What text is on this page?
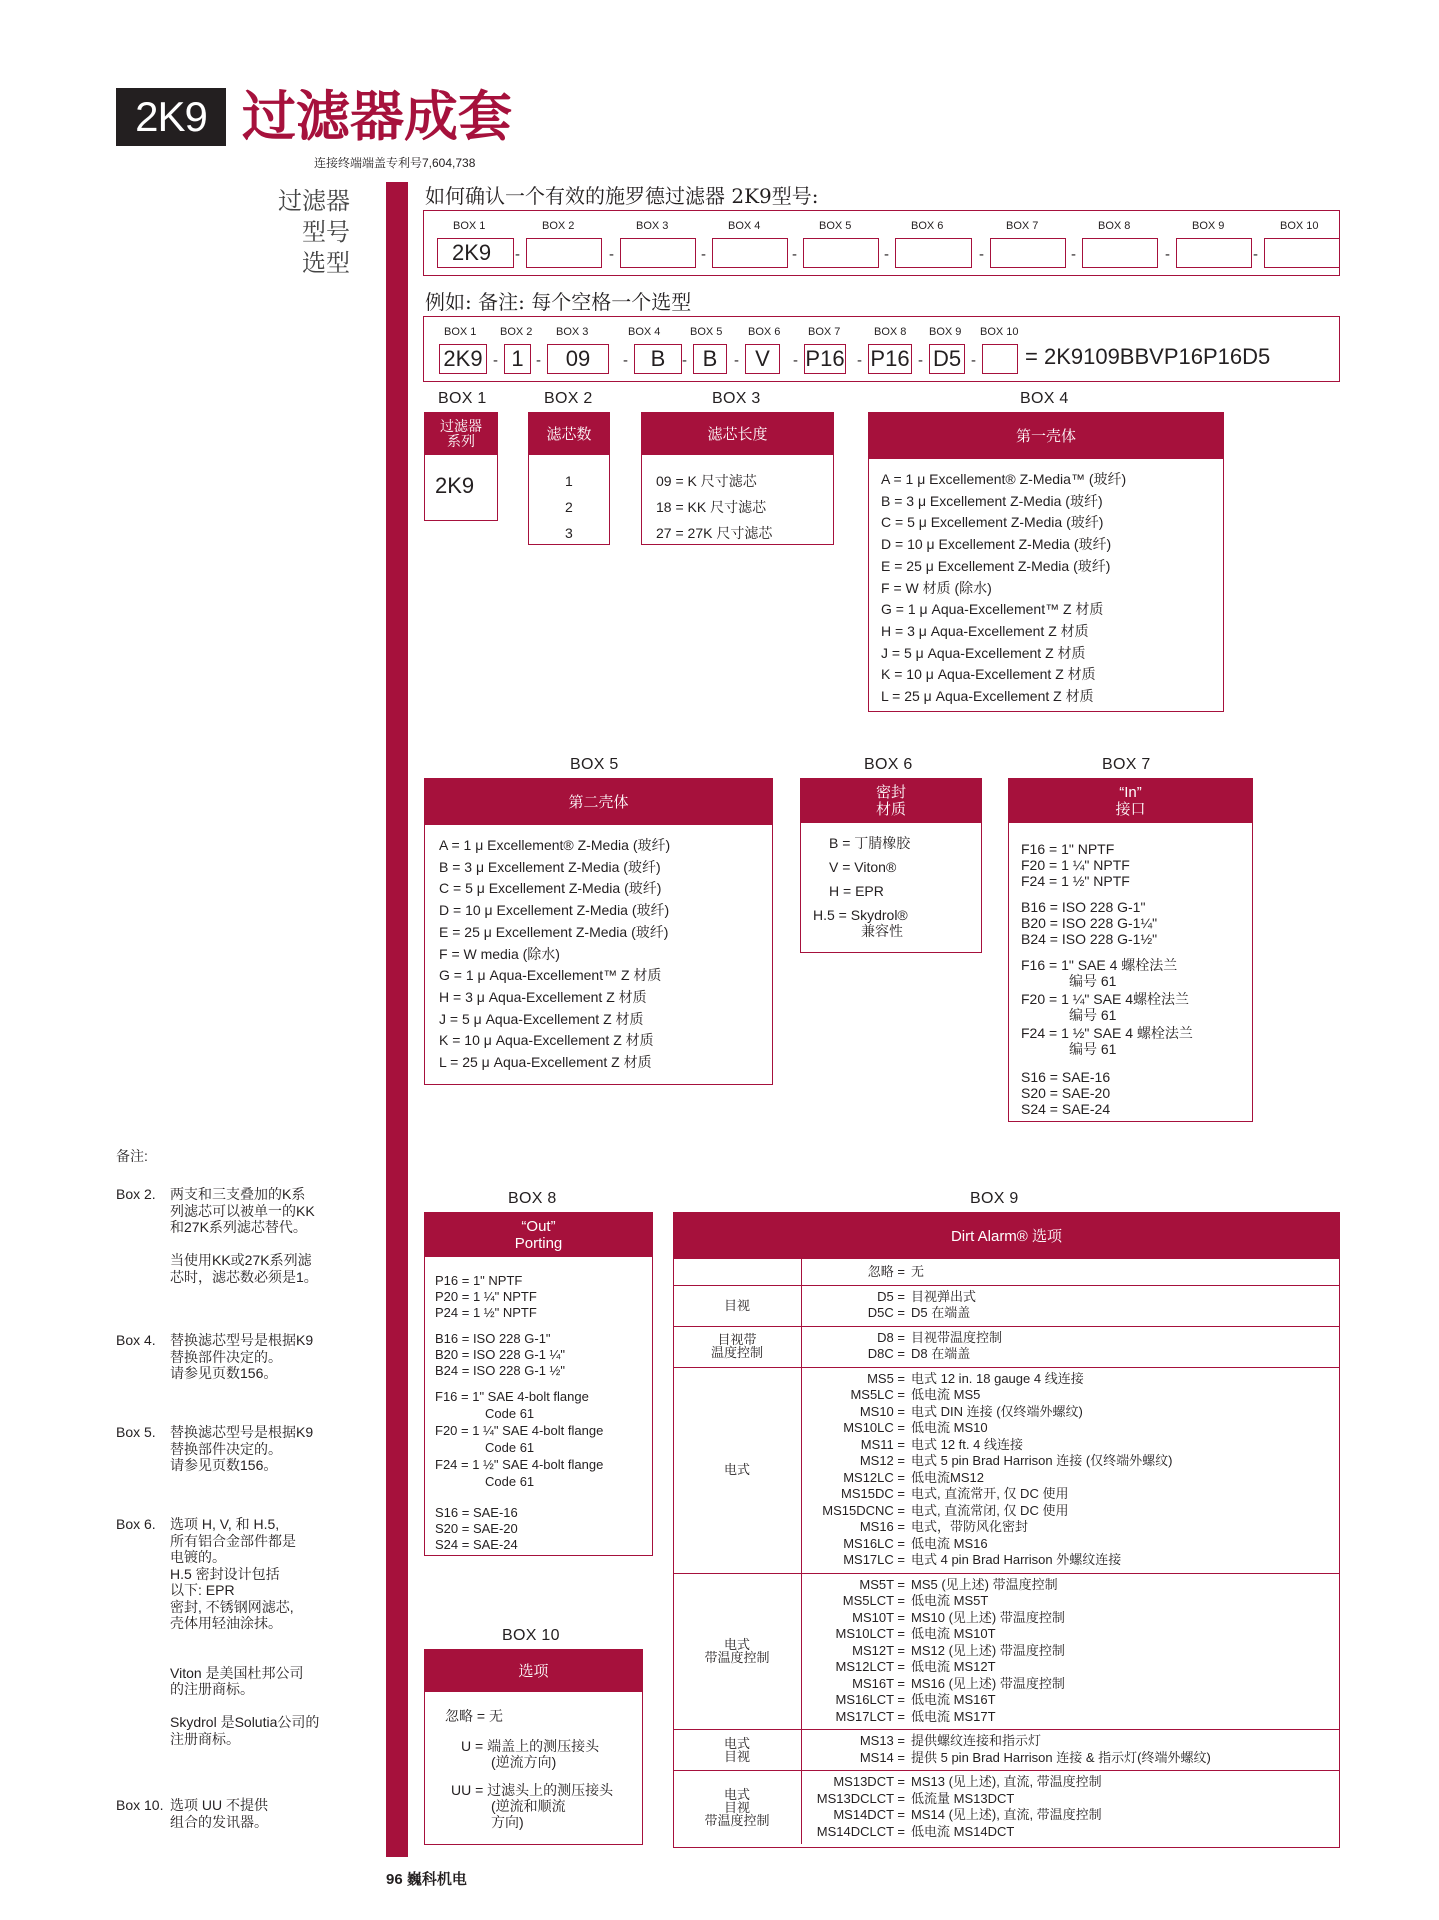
2K9 过滤器成套
连接终端端盖专利号7,604,738
过滤器
型号
选型
如何确认一个有效的施罗德过滤器 2K9型号:
BOX 1
2K9
BOX 2
-
BOX 3
-
BOX 4
-
BOX 5
-
BOX 6
-
BOX 7
-
BOX 8
-
BOX 9
-
BOX 10
-
例如: 备注: 每个空格一个选型
BOX 1
2K9
BOX 2
1
-
BOX 3
09
-
BOX 4
B
-
BOX 5
B
-
BOX 6
V
-
BOX 7
P16
-
BOX 8
P16
-
BOX 9
D5
-
BOX 10
- = 2K9109BBVP16P16D5
BOX 1
过滤器
系列
2K9
BOX 2
滤芯数
1
2
3
BOX 3
滤芯长度
09 = K 尺寸滤芯
18 = KK 尺寸滤芯
27 = 27K 尺寸滤芯
BOX 4
第一壳体
A = 1 μ Excellement® Z-Media™ (玻纤)
B = 3 μ Excellement Z-Media (玻纤)
C = 5 μ Excellement Z-Media (玻纤)
D = 10 μ Excellement Z-Media (玻纤)
E = 25 μ Excellement Z-Media (玻纤)
F = W 材质 (除水)
G = 1 μ Aqua-Excellement™ Z 材质
H = 3 μ Aqua-Excellement Z 材质
J = 5 μ Aqua-Excellement Z 材质
K = 10 μ Aqua-Excellement Z 材质
L = 25 μ Aqua-Excellement Z 材质
BOX 5
第二壳体
A = 1 μ Excellement® Z-Media (玻纤)
B = 3 μ Excellement Z-Media (玻纤)
C = 5 μ Excellement Z-Media (玻纤)
D = 10 μ Excellement Z-Media (玻纤)
E = 25 μ Excellement Z-Media (玻纤)
F = W media (除水)
G = 1 μ Aqua-Excellement™ Z 材质
H = 3 μ Aqua-Excellement Z 材质
J = 5 μ Aqua-Excellement Z 材质
K = 10 μ Aqua-Excellement Z 材质
L = 25 μ Aqua-Excellement Z 材质
BOX 6
密封
材质
B = 丁腈橡胶
V = Viton®
H = EPR
H.5 = Skydrol®
兼容性
BOX 7
“In”
接口
F16 = 1" NPTF
F20 = 1 ¼" NPTF
F24 = 1 ½" NPTF
B16 = ISO 228 G-1"
B20 = ISO 228 G-1¼"
B24 = ISO 228 G-1½"
F16 = 1" SAE 4 螺栓法兰
编号 61
F20 = 1 ¼" SAE 4螺栓法兰
编号 61
F24 = 1 ½" SAE 4 螺栓法兰
编号 61
S16 = SAE-16
S20 = SAE-20
S24 = SAE-24
备注:
Box 2. 两支和三支叠加的K系
列滤芯可以被单一的KK
和27K系列滤芯替代。
当使用KK或27K系列滤
芯时，滤芯数必须是1。
Box 4. 替换滤芯型号是根据K9
替换部件决定的。
请参见页数156。
Box 5. 替换滤芯型号是根据K9
替换部件决定的。
请参见页数156。
Box 6. 选项 H, V, 和 H.5,
所有铝合金部件都是
电镀的。
H.5 密封设计包括
以下: EPR
密封, 不锈钢网滤芯,
壳体用轻油涂抹。
Viton 是美国杜邦公司
的注册商标。
Skydrol 是Solutia公司的
注册商标。
Box 10. 选项 UU 不提供
组合的发讯器。
BOX 8
“Out”
Porting
P16 = 1" NPTF
P20 = 1 ¼" NPTF
P24 = 1 ½" NPTF
B16 = ISO 228 G-1"
B20 = ISO 228 G-1 ¼"
B24 = ISO 228 G-1 ½"
F16 = 1" SAE 4-bolt flange
Code 61
F20 = 1 ¼" SAE 4-bolt flange
Code 61
F24 = 1 ½" SAE 4-bolt flange
Code 61
S16 = SAE-16
S20 = SAE-20
S24 = SAE-24
BOX 9
Dirt Alarm® 选项
忽略 = 无
目视
D5 = 目视弹出式
D5C = D5 在端盖
目视带
温度控制
D8 = 目视带温度控制
D8C = D8 在端盖
电式
MS5 = 电式 12 in. 18 gauge 4 线连接
MS5LC = 低电流 MS5
MS10 = 电式 DIN 连接 (仅终端外螺纹)
MS10LC = 低电流 MS10
MS11 = 电式 12 ft. 4 线连接
MS12 = 电式 5 pin Brad Harrison 连接 (仅终端外螺纹)
MS12LC = 低电流MS12
MS15DC = 电式, 直流常开, 仅 DC 使用
MS15DCNC = 电式, 直流常闭, 仅 DC 使用
MS16 = 电式，带防风化密封
MS16LC = 低电流 MS16
MS17LC = 电式 4 pin Brad Harrison 外螺纹连接
电式
带温度控制
MS5T = MS5 (见上述) 带温度控制
MS5LCT = 低电流 MS5T
MS10T = MS10 (见上述) 带温度控制
MS10LCT = 低电流 MS10T
MS12T = MS12 (见上述) 带温度控制
MS12LCT = 低电流 MS12T
MS16T = MS16 (见上述) 带温度控制
MS16LCT = 低电流 MS16T
MS17LCT = 低电流 MS17T
电式
目视
MS13 = 提供螺纹连接和指示灯
MS14 = 提供 5 pin Brad Harrison 连接 & 指示灯(终端外螺纹)
电式
目视
带温度控制
MS13DCT = MS13 (见上述), 直流, 带温度控制
MS13DCLCT = 低流量 MS13DCT
MS14DCT = MS14 (见上述), 直流, 带温度控制
MS14DCLCT = 低电流 MS14DCT
BOX 10
选项
忽略 = 无
U = 端盖上的测压接头
(逆流方向)
UU = 过滤头上的测压接头
(逆流和顺流
方向)
96 巍科机电
